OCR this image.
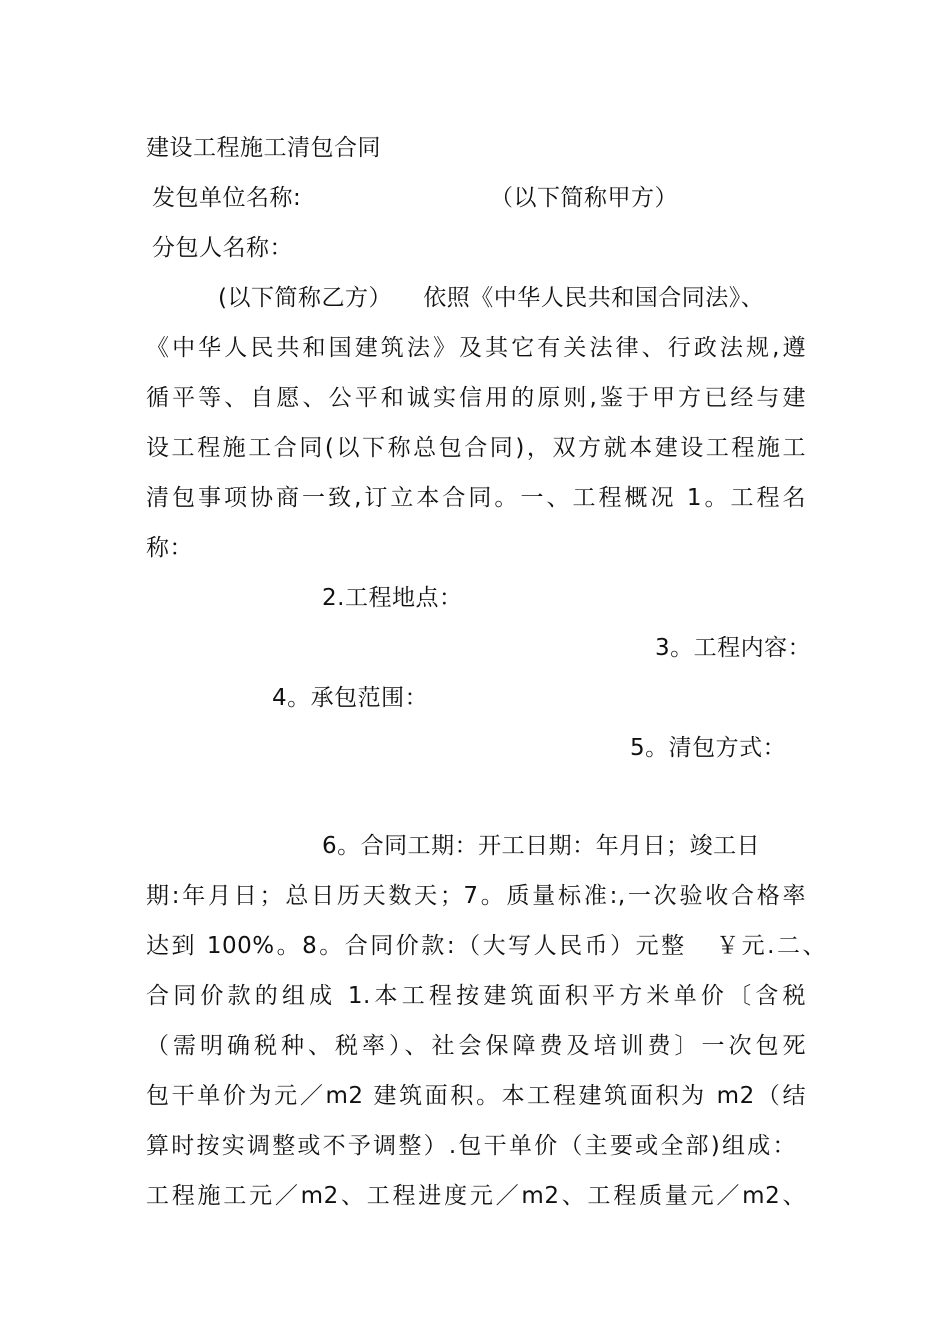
建设工程施工清包合同
发包单位名称:	（以下简称甲方）
分包人名称：
(以下简称乙方）    依照《中华人民共和国合同法》、
《中华人民共和国建筑法》及其它有关法律、行政法规,遵
循平等、自愿、公平和诚实信用的原则,鉴于甲方已经与建
设工程施工合同(以下称总包合同)，双方就本建设工程施工
清包事项协商一致,订立本合同。一、工程概况 1。工程名
称：
2.工程地点：
3。工程内容：
4。承包范围：
5。清包方式：
6。合同工期：开工日期：年月日；竣工日
期:年月日；总日历天数天；7。质量标准:,一次验收合格率
达到 100%。8。合同价款:（大写人民币）元整   ￥元.二、
合同价款的组成 1.本工程按建筑面积平方米单价〔含税
（需明确税种、税率）、社会保障费及培训费〕一次包死
包干单价为元／m2 建筑面积。本工程建筑面积为 m2（结
算时按实调整或不予调整）.包干单价（主要或全部)组成：
工程施工元／m2、工程进度元／m2、工程质量元／m2、
